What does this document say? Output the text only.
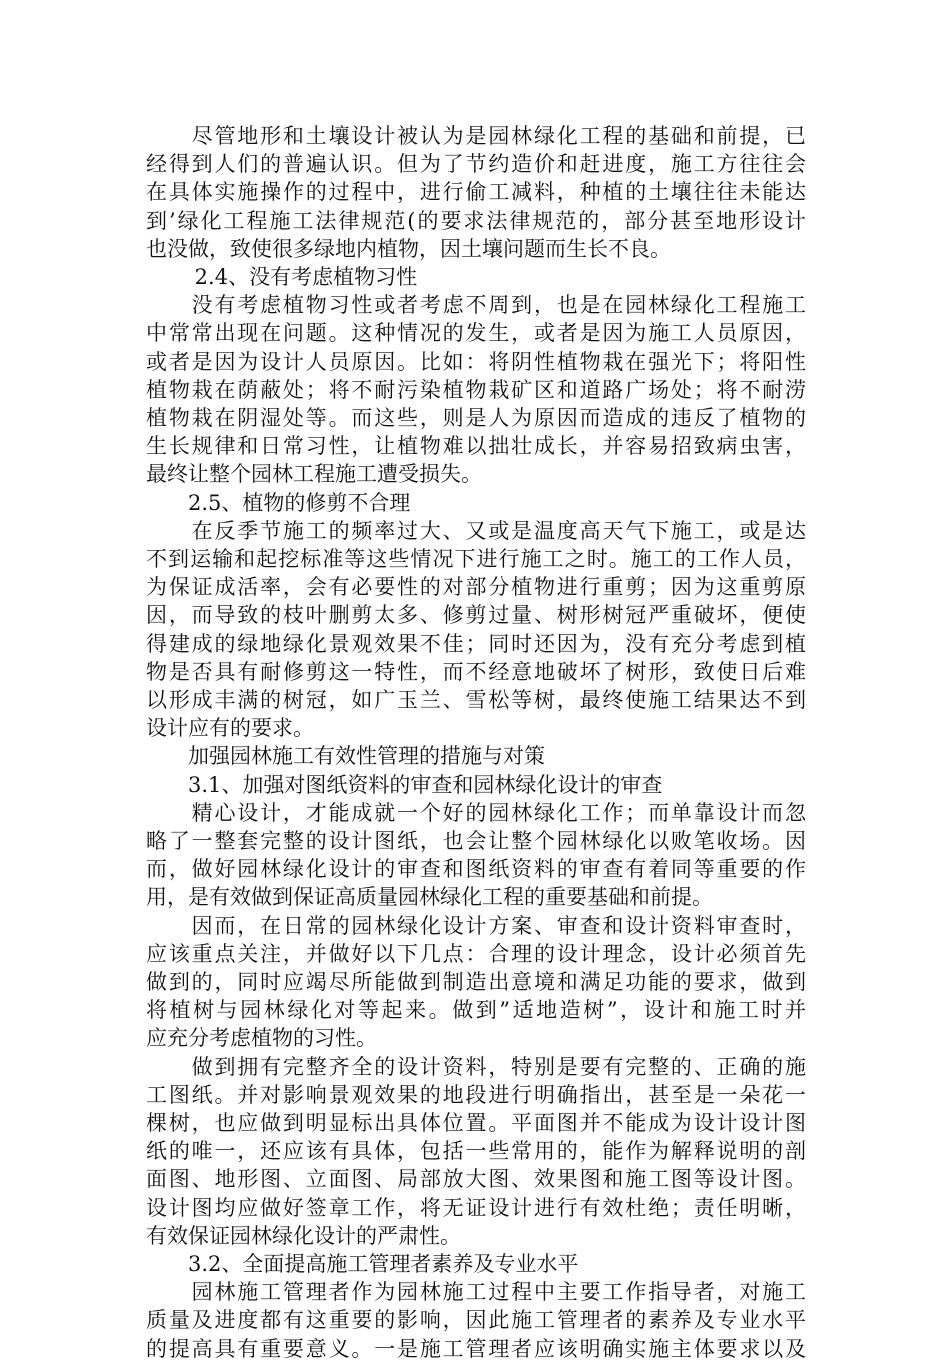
　　尽管地形和土壤设计被认为是园林绿化工程的基础和前提，已
经得到人们的普遍认识。但为了节约造价和赶进度，施工方往往会
在具体实施操作的过程中，进行偷工减料，种植的土壤往往未能达
到’绿化工程施工法律规范(的要求法律规范的，部分甚至地形设计
也没做，致使很多绿地内植物，因土壤问题而生长不良。
　　 2.4、没有考虑植物习性
　　没有考虑植物习性或者考虑不周到，也是在园林绿化工程施工
中常常出现在问题。这种情况的发生，或者是因为施工人员原因，
或者是因为设计人员原因。比如：将阴性植物栽在强光下；将阳性
植物栽在荫蔽处；将不耐污染植物栽矿区和道路广场处；将不耐涝
植物栽在阴湿处等。而这些，则是人为原因而造成的违反了植物的
生长规律和日常习性，让植物难以拙壮成长，并容易招致病虫害，
最终让整个园林工程施工遭受损失。
　　2.5、植物的修剪不合理
　　在反季节施工的频率过大、又或是温度高天气下施工，或是达
不到运输和起挖标准等这些情况下进行施工之时。施工的工作人员，
为保证成活率，会有必要性的对部分植物进行重剪；因为这重剪原
因，而导致的枝叶删剪太多、修剪过量、树形树冠严重破坏，便使
得建成的绿地绿化景观效果不佳；同时还因为，没有充分考虑到植
物是否具有耐修剪这一特性，而不经意地破坏了树形，致使日后难
以形成丰满的树冠，如广玉兰、雪松等树，最终使施工结果达不到
设计应有的要求。
　　加强园林施工有效性管理的措施与对策
　　3.1、加强对图纸资料的审查和园林绿化设计的审查
　　精心设计，才能成就一个好的园林绿化工作；而单靠设计而忽
略了一整套完整的设计图纸，也会让整个园林绿化以败笔收场。因
而，做好园林绿化设计的审查和图纸资料的审查有着同等重要的作
用，是有效做到保证高质量园林绿化工程的重要基础和前提。
　　因而，在日常的园林绿化设计方案、审查和设计资料审查时，
应该重点关注，并做好以下几点：合理的设计理念，设计必须首先
做到的，同时应竭尽所能做到制造出意境和满足功能的要求，做到
将植树与园林绿化对等起来。做到”适地造树”，设计和施工时并
应充分考虑植物的习性。
　　做到拥有完整齐全的设计资料，特别是要有完整的、正确的施
工图纸。并对影响景观效果的地段进行明确指出，甚至是一朵花一
棵树，也应做到明显标出具体位置。平面图并不能成为设计设计图
纸的唯一，还应该有具体，包括一些常用的，能作为解释说明的剖
面图、地形图、立面图、局部放大图、效果图和施工图等设计图。
设计图均应做好签章工作，将无证设计进行有效杜绝；责任明晰，
有效保证园林绿化设计的严肃性。
　　3.2、全面提高施工管理者素养及专业水平
　　园林施工管理者作为园林施工过程中主要工作指导者，对施工
质量及进度都有这重要的影响，因此施工管理者的素养及专业水平
的提高具有重要意义。一是施工管理者应该明确实施主体要求以及
